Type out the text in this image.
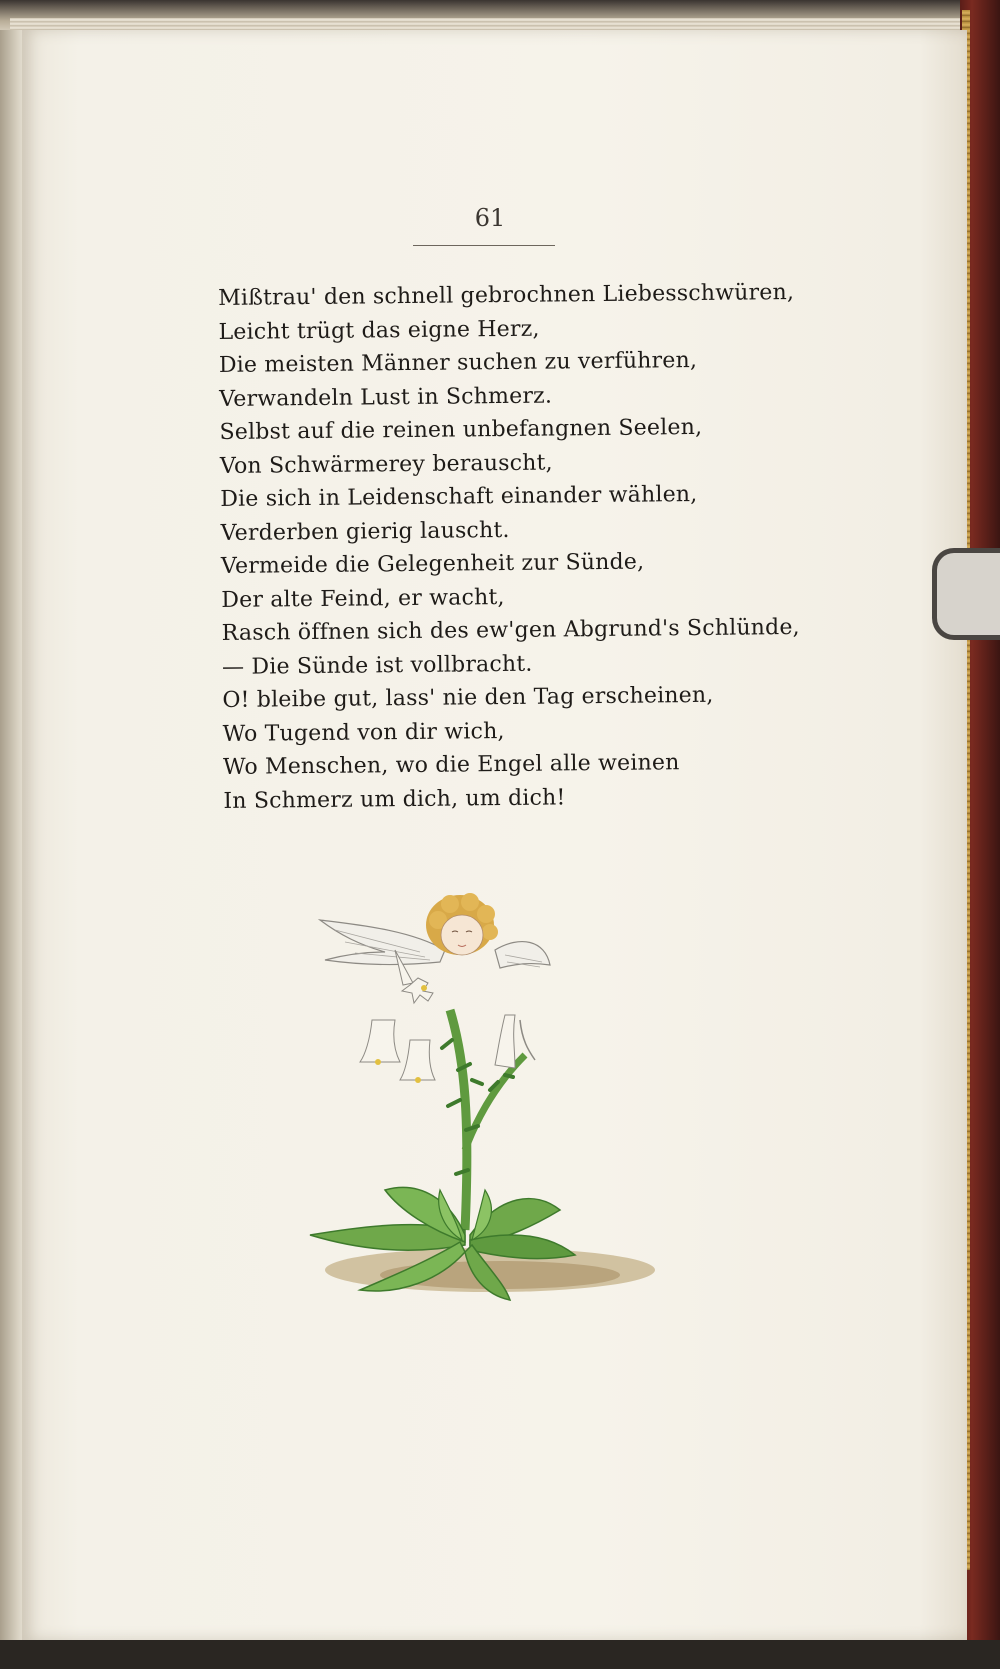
61
Mißtrau' den schnell gebrochnen Liebesschwüren,
Leicht trügt das eigne Herz,
Die meisten Männer suchen zu verführen,
Verwandeln Lust in Schmerz.
Selbst auf die reinen unbefangnen Seelen,
Von Schwärmerey berauscht,
Die sich in Leidenschaft einander wählen,
Verderben gierig lauscht.
Vermeide die Gelegenheit zur Sünde,
Der alte Feind, er wacht,
Rasch öffnen sich des ew'gen Abgrund's Schlünde,
— Die Sünde ist vollbracht.
O! bleibe gut, lass' nie den Tag erscheinen,
Wo Tugend von dir wich,
Wo Menschen, wo die Engel alle weinen
In Schmerz um dich, um dich!
